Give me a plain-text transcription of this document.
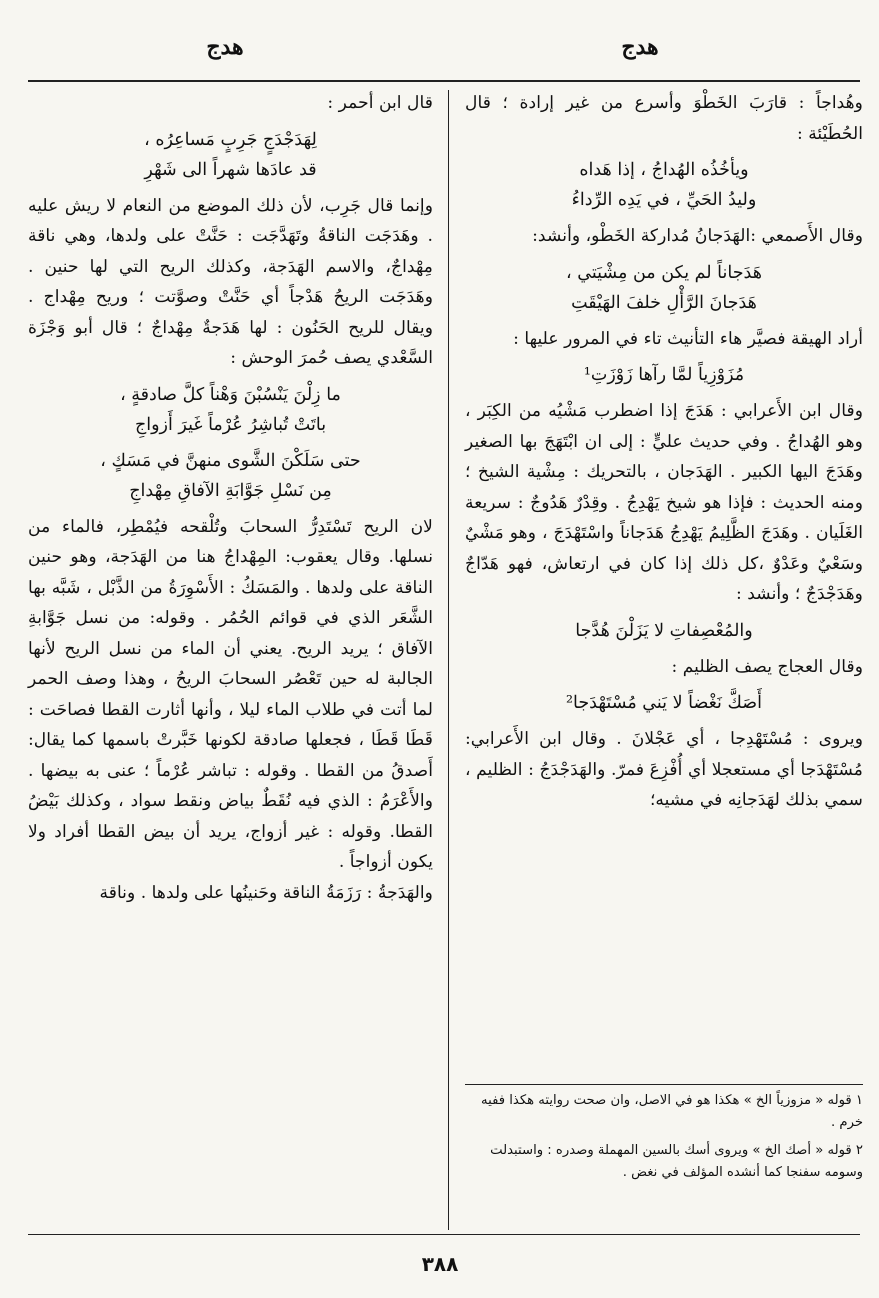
هدج	هدج

وهُداجاً : قارَبَ الخَطْوَ وأسرع من غير إرادة ؛ قال الحُطَيْئة :

ويأخُذُه الهُداجُ ، إذا هَداه
وليدُ الحَيِّ ، في يَدِه الرِّداءُ

وقال الأَصمعي :الهَدَجانُ مُداركة الخَطْو، وأنشد:

هَدَجاناً لم يكن من مِشْيَتي ،
هَدَجانَ الرَّأْلِ خلفَ الهَيْقَتِ

أراد الهيقة فصيَّر هاء التأنيث تاء في المرور عليها :

مُزَوْزِياً لمَّا رآها زَوْزَتِ¹

وقال ابن الأَعرابي : هَدَجَ إذا اضطرب مَشْيُه من الكِبَر ، وهو الهُداجُ . وفي حديث عليٍّ : إلى ان ابْتَهَجَ بها الصغير وهَدَجَ اليها الكبير . الهَدَجان ، بالتحريك : مِشْية الشيخ ؛ ومنه الحديث : فإذا هو شيخ يَهْدِجُ . وقِدْرٌ هَدُوجٌ : سريعة الغَلَيان . وهَدَجَ الظَّلِيمُ يَهْدِجُ هَدَجاناً واسْتَهْدَجَ ، وهو مَشْيٌ وسَعْيٌ وعَدْوٌ ،كل ذلك إذا كان في ارتعاش، فهو هَدّاجٌ وهَدَجْدَجٌ ؛ وأنشد :

والمُعْصِفاتِ لا يَزَلْنَ هُدَّجا

وقال العجاج يصف الظليم :

أَصَكَّ نَغْضاً لا يَني مُسْتَهْدَجا²

ويروى : مُسْتَهْدِجا ، أي عَجْلانَ . وقال ابن الأَعرابي: مُسْتَهْدَجا أي مستعجلا أي أُفْزِعَ فمرّ. والهَدَجْدَجُ : الظليم ، سمي بذلك لهَدَجانِه في مشيه؛

١ قوله « مزوزياً الخ » هكذا هو في الاصل، وان صحت روايته هكذا ففيه خرم .
٢ قوله « أصك الخ » ويروى أسك بالسين المهملة وصدره : واستبدلت وسومه سفنجا كما أنشده المؤلف في نغض .

قال ابن أحمر :

لِهَدَجْدَجٍ جَرِبٍ مَساعِرُه ،
قد عادَها شهراً الى شَهْرِ

وإنما قال جَرِب، لأن ذلك الموضع من النعام لا ريش عليه . وهَدَجَت الناقةُ وتَهَدَّجَت : حَنَّتْ على ولدها، وهي ناقة مِهْداجٌ، والاسم الهَدَجة، وكذلك الريح التي لها حنين . وهَدَجَت الريحُ هَدْجاً أي حَنَّتْ وصوَّتت ؛ وريح مِهْداج . ويقال للريح الحَنُون : لها هَدَجةٌ مِهْداجٌ ؛ قال أبو وَجْزَة السَّعْدي يصف حُمرَ الوحش :

ما زِلْنَ يَنْسُبْنَ وَهْناً كلَّ صادقةٍ ،
باتَتْ تُباشِرُ عُرْماً غَيرَ أَزواجِ
حتى سَلَكْنَ الشَّوى منهنَّ في مَسَكٍ ،
مِن نَسْلِ جَوَّابَةِ الآفاقِ مِهْداجِ

لان الريح تَسْتَدِرُّ السحابَ وتُلْقحه فيُمْطِر، فالماء من نسلها. وقال يعقوب: المِهْداجُ هنا من الهَدَجة، وهو حنين الناقة على ولدها . والمَسَكُ : الأَسْوِرَةُ من الذَّبْل ، شَبَّه بها الشَّعَر الذي في قوائم الحُمُر . وقوله: من نسل جَوَّابةِ الآفاق ؛ يريد الريح. يعني أن الماء من نسل الريح لأنها الجالبة له حين تَعْصُر السحابَ الريحُ ، وهذا وصف الحمر لما أتت في طلاب الماء ليلا ، وأنها أثارت القطا فصاحَت : قَطَا قَطَا ، فجعلها صادقة لكونها خَبَّرتْ باسمها كما يقال: أَصدقُ من القطا . وقوله : تباشر عُرْماً ؛ عنى به بيضها . والأَعْرَمُ : الذي فيه نُقَطٌ بياض ونقط سواد ، وكذلك بَيْضُ القطا. وقوله : غير أزواج، يريد أن بيض القطا أفراد ولا يكون أزواجاً .

والهَدَجةُ : رَزَمَةُ الناقة وحَنينُها على ولدها . وناقة

٣٨٨
